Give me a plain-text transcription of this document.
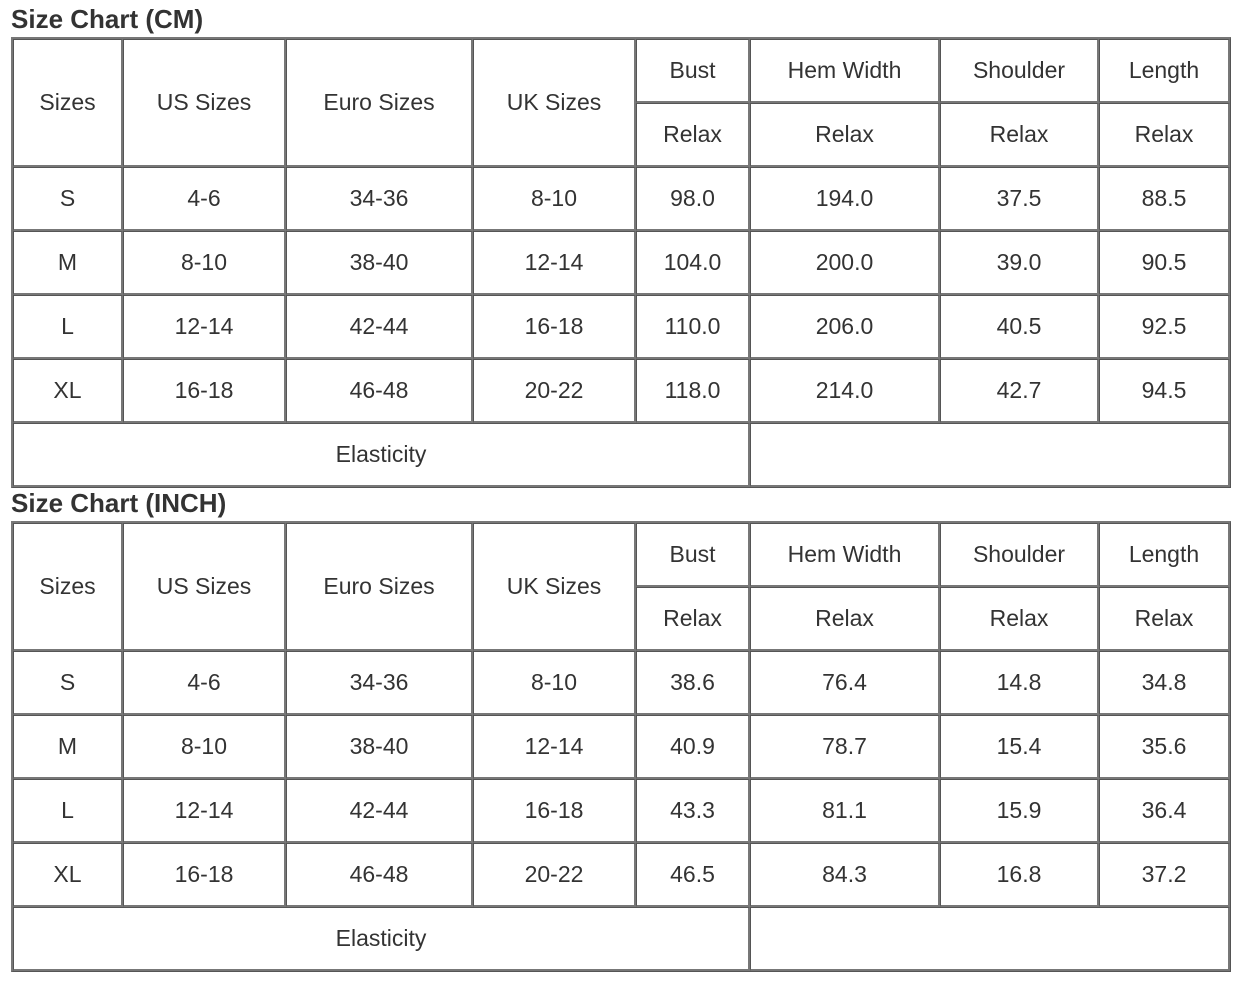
Size Chart (CM)
Sizes	US Sizes	Euro Sizes	UK Sizes	Bust	Hem Width	Shoulder	Length
				Relax	Relax	Relax	Relax
S	4-6	34-36	8-10	98.0	194.0	37.5	88.5
M	8-10	38-40	12-14	104.0	200.0	39.0	90.5
L	12-14	42-44	16-18	110.0	206.0	40.5	92.5
XL	16-18	46-48	20-22	118.0	214.0	42.7	94.5
Elasticity							
Size Chart (INCH)
Sizes	US Sizes	Euro Sizes	UK Sizes	Bust	Hem Width	Shoulder	Length
				Relax	Relax	Relax	Relax
S	4-6	34-36	8-10	38.6	76.4	14.8	34.8
M	8-10	38-40	12-14	40.9	78.7	15.4	35.6
L	12-14	42-44	16-18	43.3	81.1	15.9	36.4
XL	16-18	46-48	20-22	46.5	84.3	16.8	37.2
Elasticity							
